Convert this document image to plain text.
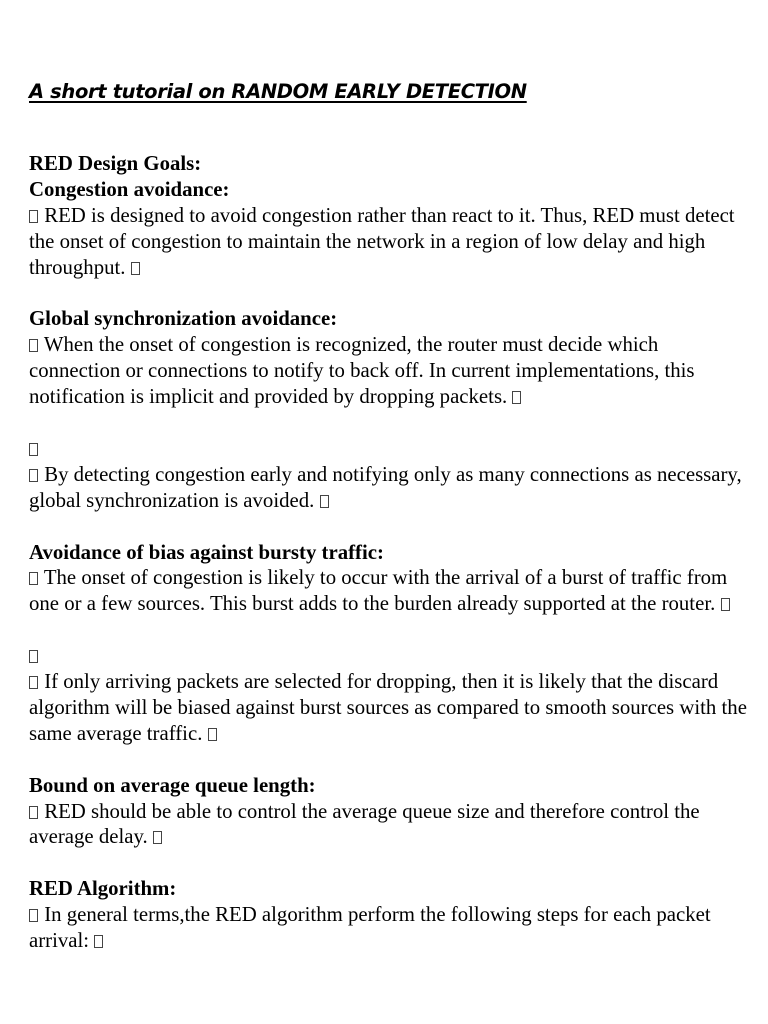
A short tutorial on RANDOM EARLY DETECTION

RED Design Goals:

Congestion avoidance:

RED is designed to avoid congestion rather than react to it. Thus, RED must detect the onset of congestion to maintain the network in a region of low delay and high throughput.

Global synchronization avoidance:

When the onset of congestion is recognized, the router must decide which connection or connections to notify to back off. In current implementations, this notification is implicit and provided by dropping packets.

By detecting congestion early and notifying only as many connections as necessary, global synchronization is avoided.

Avoidance of bias against bursty traffic:

The onset of congestion is likely to occur with the arrival of a burst of traffic from one or a few sources. This burst adds to the burden already supported at the router.

If only arriving packets are selected for dropping, then it is likely that the discard algorithm will be biased against burst sources as compared to smooth sources with the same average traffic.

Bound on average queue length:

RED should be able to control the average queue size and therefore control the average delay.

RED Algorithm:

In general terms,the RED algorithm perform the following steps for each packet arrival:
